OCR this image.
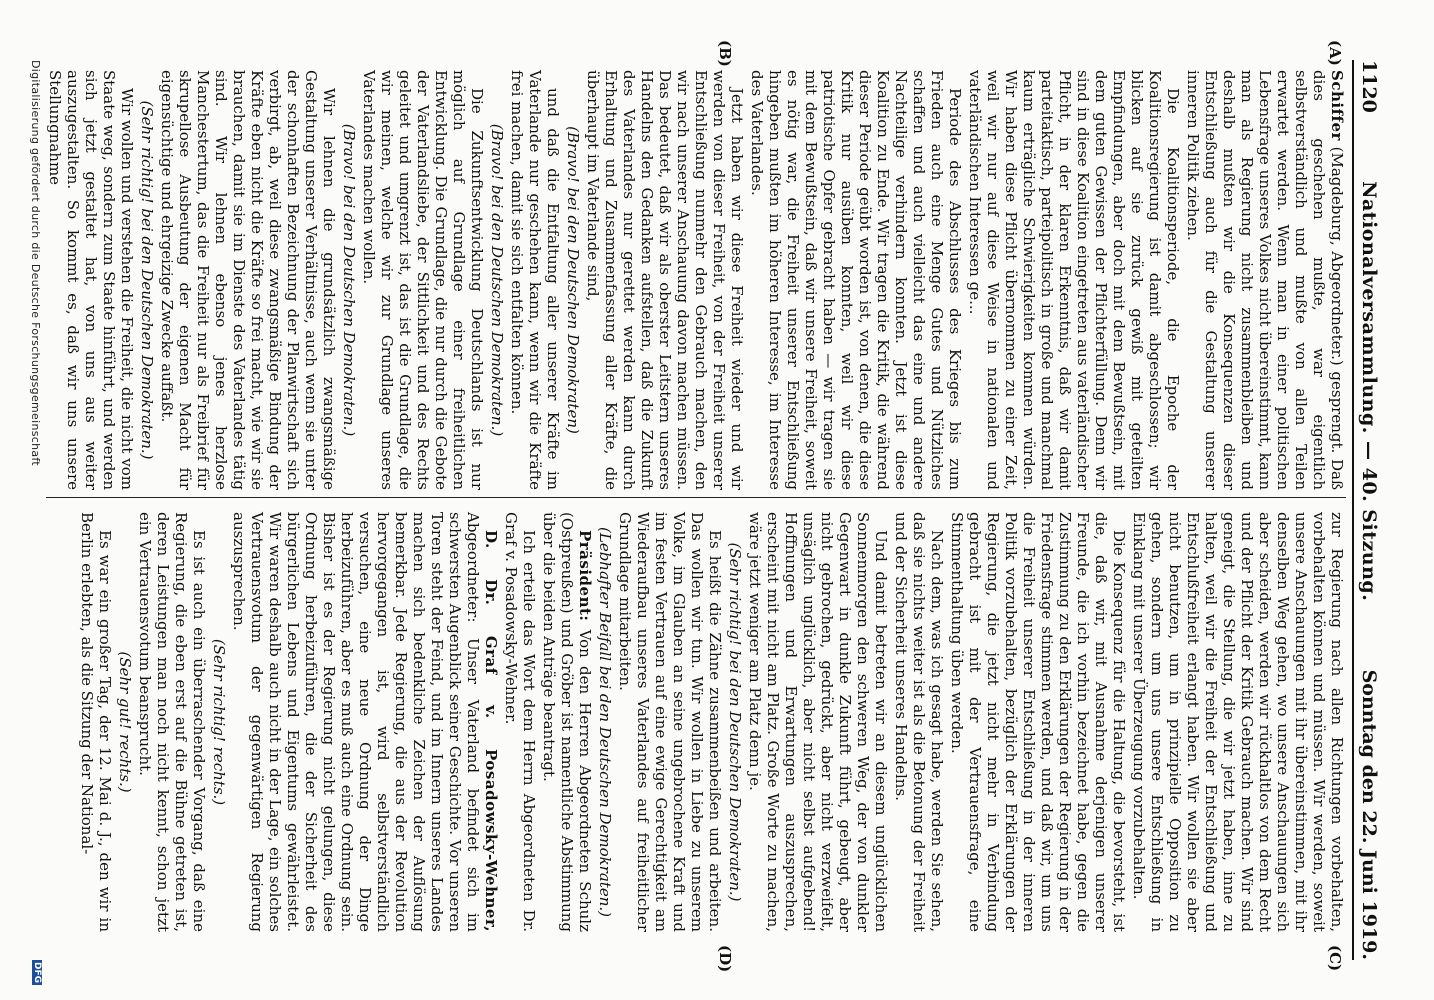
1120
Nationalversammlung. — 40. Sitzung.
Sonntag den 22. Juni 1919.
(A)
(B)
(C)
(D)

Schiffer (Magdeburg, Abgeordneter.) gesprengt. Daß dies geschehen mußte, war eigentlich selbstverständlich und mußte von allen Teilen erwartet werden. Wenn man in einer politischen Lebensfrage unseres Volkes nicht übereinstimmt, kann man als Regierung nicht zusammenbleiben und deshalb mußten wir die Konsequenzen dieser Entschließung auch für die Gestaltung unserer inneren Politik ziehen.

Die Koalitionsperiode, die Epoche der Koalitionsregierung ist damit abgeschlossen; wir blicken auf sie zurück gewiß mit geteilten Empfindungen, aber doch mit dem Bewußtsein, mit dem guten Gewissen der Pflichterfüllung. Denn wir sind in diese Koalition eingetreten aus vaterländischer Pflicht, in der klaren Erkenntnis, daß wir damit parteitaktisch, parteipolitisch in große und manchmal kaum erträgliche Schwierigkeiten kommen würden. Wir haben diese Pflicht übernommen zu einer Zeit, weil wir nur auf diese Weise in nationalen und vaterländischen Interessen ge...

Periode des Abschlusses des Krieges bis zum Frieden auch eine Menge Gutes und Nützliches schaffen und auch vielleicht das eine und andere Nachteilige verhindern konnten. Jetzt ist diese Koalition zu Ende. Wir tragen die Kritik, die während dieser Periode geübt worden ist, von denen, die diese Kritik nur ausüben konnten, weil wir diese patriotische Opfer gebracht haben — wir tragen sie mit dem Bewußtsein, daß wir unsere Freiheit, soweit es nötig war, die Freiheit unserer Entschließung hingeben mußten im höheren Interesse, im Interesse des Vaterlandes.

Jetzt haben wir diese Freiheit wieder und wir werden von dieser Freiheit, von der Freiheit unserer Entschließung nunmehr den Gebrauch machen, den wir nach unserer Anschauung davon machen müssen. Das bedeutet, daß wir als oberster Leitstern unseres Handelns den Gedanken aufstellen, daß die Zukunft des Vaterlandes nur gerettet werden kann durch Erhaltung und Zusammenfassung aller Kräfte, die überhaupt im Vaterlande sind,

(Bravo! bei den Deutschen Demokraten)

und daß die Entfaltung aller unserer Kräfte im Vaterlande nur geschehen kann, wenn wir die Kräfte frei machen, damit sie sich entfalten können.

(Bravo! bei den Deutschen Demokraten.)

Die Zukunftsentwicklung Deutschlands ist nur möglich auf Grundlage einer freiheitlichen Entwicklung. Die Grundlage, die nur durch die Gebote der Vaterlandsliebe, der Sittlichkeit und des Rechts geleitet und umgrenzt ist, das ist die Grundlage, die wir meinen, welche wir zur Grundlage unseres Vaterlandes machen wollen.

(Bravo! bei den Deutschen Demokraten.)

Wir lehnen die grundsätzlich zwangsmäßige Gestaltung unserer Verhältnisse, auch wenn sie unter der schonhaften Bezeichnung der Planwirtschaft sich verbirgt, ab, weil diese zwangsmäßige Bindung der Kräfte eben nicht die Kräfte so frei macht, wie wir sie brauchen, damit sie im Dienste des Vaterlandes tätig sind. Wir lehnen ebenso jenes herzlose Manchestertum, das die Freiheit nur als Freibrief für skrupellose Ausbeutung der eigenen Macht für eigensüchtige und ehrgeizige Zwecke auffaßt.

(Sehr richtig! bei den Deutschen Demokraten.)

Wir wollen und verstehen die Freiheit, die nicht vom Staate weg, sondern zum Staate hinführt, und werden sich jetzt gestaltet hat, von uns aus weiter auszugestalten. So kommt es, daß wir uns unsere Stellungnahme

zur Regierung nach allen Richtungen vorbehalten, vorbehalten können und müssen. Wir werden, soweit unsere Anschauungen mit ihr übereinstimmen, mit ihr denselben Weg gehen, wo unsere Anschauungen sich aber scheiden, werden wir rückhaltlos von dem Recht und der Pflicht der Kritik Gebrauch machen. Wir sind geneigt, die Stellung, die wir jetzt haben, inne zu halten, weil wir die Freiheit der Entschließung und Entschlußfreiheit erlangt haben. Wir wollen sie aber nicht benutzen, um in prinzipielle Opposition zu gehen, sondern um uns unsere Entschließung in Einklang mit unserer Überzeugung vorzubehalten.

Die Konsequenz für die Haltung, die bevorsteht, ist die, daß wir, mit Ausnahme derjenigen unserer Freunde, die ich vorhin bezeichnet habe, gegen die Zustimmung zu den Erklärungen der Regierung in der Friedensfrage stimmen werden, und daß wir, um uns die Freiheit unserer Entschließung in der inneren Politik vorzubehalten, bezüglich der Erklärungen der Regierung, die jetzt nicht mehr in Verbindung gebracht ist mit der Vertrauensfrage, eine Stimmenthaltung üben werden.

Nach dem, was ich gesagt habe, werden Sie sehen, daß sie nichts weiter ist als die Betonung der Freiheit und der Sicherheit unseres Handelns.

Und damit betreten wir an diesem unglücklichen Sonnenmorgen den schweren Weg, der von dunkler Gegenwart in dunkle Zukunft führt, gebeugt, aber nicht gebrochen, gedrückt, aber nicht verzweifelt, unsäglich unglücklich, aber nicht selbst aufgebend! Hoffnungen und Erwartungen auszusprechen, erscheint mit nicht am Platz. Große Worte zu machen, wäre jetzt weniger am Platz denn je.

(Sehr richtig! bei den Deutschen Demokraten.)

Es heißt die Zähne zusammenbeißen und arbeiten. Das wollen wir tun. Wir wollen in Liebe zu unserem Volke, im Glauben an seine ungebrochene Kraft und im festen Vertrauen auf eine ewige Gerechtigkeit am Wiederaufbau unseres Vaterlandes auf freiheitlicher Grundlage mitarbeiten.

(Lebhafter Beifall bei den Deutschen Demokraten.)

Präsident: Von den Herren Abgeordneten Schulz (Ostpreußen) und Gröber ist namentliche Abstimmung über die beiden Anträge beantragt.

Ich erteile das Wort dem Herrn Abgeordneten Dr. Graf v. Posadowsky-Wehner.

D. Dr. Graf v. Posadowsky-Wehner, Abgeordneter: Unser Vaterland befindet sich im schwersten Augenblick seiner Geschichte. Vor unseren Toren steht der Feind, und im Innern unseres Landes machen sich bedenkliche Zeichen der Auflösung bemerkbar. Jede Regierung, die aus der Revolution hervorgegangen ist, wird selbstverständlich versuchen, eine neue Ordnung der Dinge herbeizuführen, aber es muß auch eine Ordnung sein. Bisher ist es der Regierung nicht gelungen, diese Ordnung herbeizuführen, die der Sicherheit des bürgerlichen Lebens und Eigentums gewährleistet. Wir waren deshalb auch nicht in der Lage, ein solches Vertrauensvotum der gegenwärtigen Regierung auszusprechen.

(Sehr richtig! rechts.)

Es ist auch ein überraschender Vorgang, daß eine Regierung, die eben erst auf die Bühne getreten ist, deren Leistungen man noch nicht kennt, schon jetzt ein Vertrauensvotum beansprucht.

(Sehr gut! rechts.)

Es war ein großer Tag, der 12. Mai d. J., den wir in Berlin erlebten, als die Sitzung der National-

Digitalisierung gefördert durch die Deutsche Forschungsgemeinschaft
DFG
